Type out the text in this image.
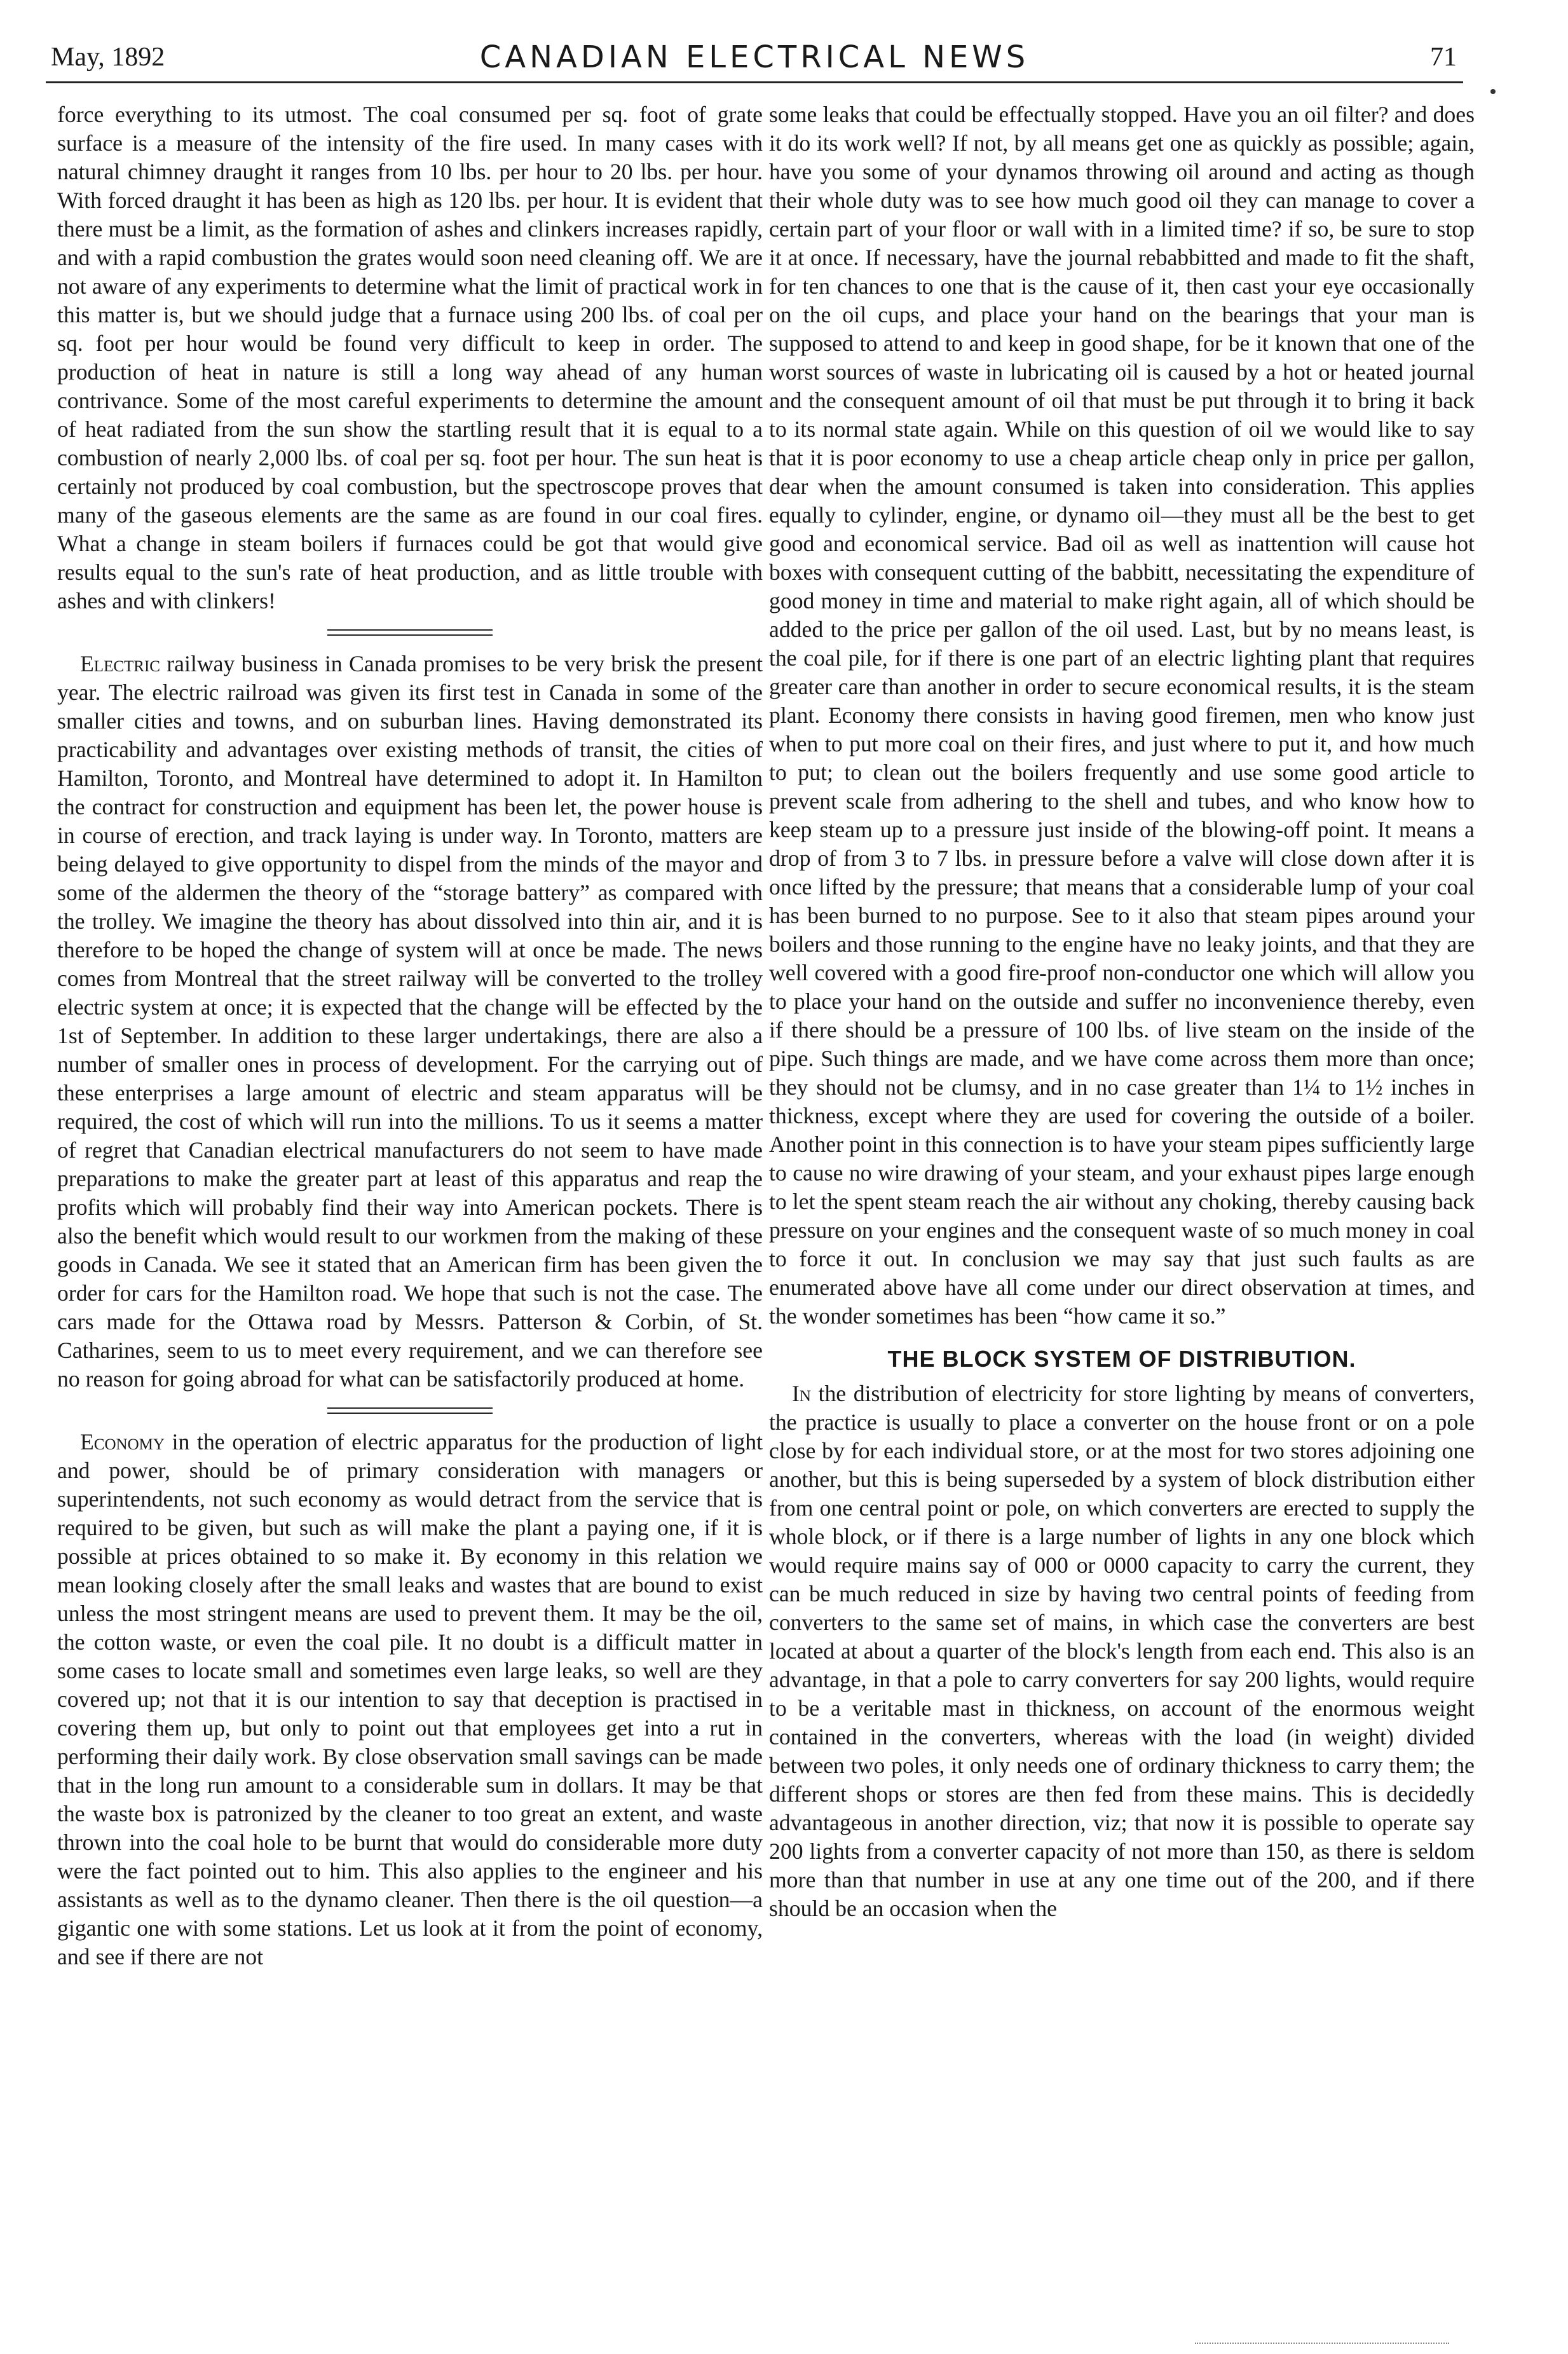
May, 1892	CANADIAN ELECTRICAL NEWS	71

force everything to its utmost. The coal consumed per sq. foot of grate surface is a measure of the intensity of the fire used. In many cases with natural chimney draught it ranges from 10 lbs. per hour to 20 lbs. per hour. With forced draught it has been as high as 120 lbs. per hour. It is evident that there must be a limit, as the formation of ashes and clinkers increases rapidly, and with a rapid combustion the grates would soon need cleaning off. We are not aware of any experiments to determine what the limit of practical work in this matter is, but we should judge that a furnace using 200 lbs. of coal per sq. foot per hour would be found very difficult to keep in order. The production of heat in nature is still a long way ahead of any human contrivance. Some of the most careful experiments to determine the amount of heat radiated from the sun show the startling result that it is equal to a combustion of nearly 2,000 lbs. of coal per sq. foot per hour. The sun heat is certainly not produced by coal combustion, but the spectroscope proves that many of the gaseous elements are the same as are found in our coal fires. What a change in steam boilers if furnaces could be got that would give results equal to the sun's rate of heat production, and as little trouble with ashes and with clinkers!

Electric railway business in Canada promises to be very brisk the present year. The electric railroad was given its first test in Canada in some of the smaller cities and towns, and on suburban lines. Having demonstrated its practicability and advantages over existing methods of transit, the cities of Hamilton, Toronto, and Montreal have determined to adopt it. In Hamilton the contract for construction and equipment has been let, the power house is in course of erection, and track laying is under way. In Toronto, matters are being delayed to give opportunity to dispel from the minds of the mayor and some of the aldermen the theory of the “storage battery” as compared with the trolley. We imagine the theory has about dissolved into thin air, and it is therefore to be hoped the change of system will at once be made. The news comes from Montreal that the street railway will be converted to the trolley electric system at once; it is expected that the change will be effected by the 1st of September. In addition to these larger undertakings, there are also a number of smaller ones in process of development. For the carrying out of these enterprises a large amount of electric and steam apparatus will be required, the cost of which will run into the millions. To us it seems a matter of regret that Canadian electrical manufacturers do not seem to have made preparations to make the greater part at least of this apparatus and reap the profits which will probably find their way into American pockets. There is also the benefit which would result to our workmen from the making of these goods in Canada. We see it stated that an American firm has been given the order for cars for the Hamilton road. We hope that such is not the case. The cars made for the Ottawa road by Messrs. Patterson & Corbin, of St. Catharines, seem to us to meet every requirement, and we can therefore see no reason for going abroad for what can be satisfactorily produced at home.

Economy in the operation of electric apparatus for the production of light and power, should be of primary consideration with managers or superintendents, not such economy as would detract from the service that is required to be given, but such as will make the plant a paying one, if it is possible at prices obtained to so make it. By economy in this relation we mean looking closely after the small leaks and wastes that are bound to exist unless the most stringent means are used to prevent them. It may be the oil, the cotton waste, or even the coal pile. It no doubt is a difficult matter in some cases to locate small and sometimes even large leaks, so well are they covered up; not that it is our intention to say that deception is practised in covering them up, but only to point out that employees get into a rut in performing their daily work. By close observation small savings can be made that in the long run amount to a considerable sum in dollars. It may be that the waste box is patronized by the cleaner to too great an extent, and waste thrown into the coal hole to be burnt that would do considerable more duty were the fact pointed out to him. This also applies to the engineer and his assistants as well as to the dynamo cleaner. Then there is the oil question—a gigantic one with some stations. Let us look at it from the point of economy, and see if there are not

some leaks that could be effectually stopped. Have you an oil filter? and does it do its work well? If not, by all means get one as quickly as possible; again, have you some of your dynamos throwing oil around and acting as though their whole duty was to see how much good oil they can manage to cover a certain part of your floor or wall with in a limited time? if so, be sure to stop it at once. If necessary, have the journal rebabbitted and made to fit the shaft, for ten chances to one that is the cause of it, then cast your eye occasionally on the oil cups, and place your hand on the bearings that your man is supposed to attend to and keep in good shape, for be it known that one of the worst sources of waste in lubricating oil is caused by a hot or heated journal and the consequent amount of oil that must be put through it to bring it back to its normal state again. While on this question of oil we would like to say that it is poor economy to use a cheap article cheap only in price per gallon, dear when the amount consumed is taken into consideration. This applies equally to cylinder, engine, or dynamo oil—they must all be the best to get good and economical service. Bad oil as well as inattention will cause hot boxes with consequent cutting of the babbitt, necessitating the expenditure of good money in time and material to make right again, all of which should be added to the price per gallon of the oil used. Last, but by no means least, is the coal pile, for if there is one part of an electric lighting plant that requires greater care than another in order to secure economical results, it is the steam plant. Economy there consists in having good firemen, men who know just when to put more coal on their fires, and just where to put it, and how much to put; to clean out the boilers frequently and use some good article to prevent scale from adhering to the shell and tubes, and who know how to keep steam up to a pressure just inside of the blowing-off point. It means a drop of from 3 to 7 lbs. in pressure before a valve will close down after it is once lifted by the pressure; that means that a considerable lump of your coal has been burned to no purpose. See to it also that steam pipes around your boilers and those running to the engine have no leaky joints, and that they are well covered with a good fire-proof non-conductor one which will allow you to place your hand on the outside and suffer no inconvenience thereby, even if there should be a pressure of 100 lbs. of live steam on the inside of the pipe. Such things are made, and we have come across them more than once; they should not be clumsy, and in no case greater than 1¼ to 1½ inches in thickness, except where they are used for covering the outside of a boiler. Another point in this connection is to have your steam pipes sufficiently large to cause no wire drawing of your steam, and your exhaust pipes large enough to let the spent steam reach the air without any choking, thereby causing back pressure on your engines and the consequent waste of so much money in coal to force it out. In conclusion we may say that just such faults as are enumerated above have all come under our direct observation at times, and the wonder sometimes has been “how came it so.”

THE BLOCK SYSTEM OF DISTRIBUTION.

In the distribution of electricity for store lighting by means of converters, the practice is usually to place a converter on the house front or on a pole close by for each individual store, or at the most for two stores adjoining one another, but this is being superseded by a system of block distribution either from one central point or pole, on which converters are erected to supply the whole block, or if there is a large number of lights in any one block which would require mains say of 000 or 0000 capacity to carry the current, they can be much reduced in size by having two central points of feeding from converters to the same set of mains, in which case the converters are best located at about a quarter of the block's length from each end. This also is an advantage, in that a pole to carry converters for say 200 lights, would require to be a veritable mast in thickness, on account of the enormous weight contained in the converters, whereas with the load (in weight) divided between two poles, it only needs one of ordinary thickness to carry them; the different shops or stores are then fed from these mains. This is decidedly advantageous in another direction, viz; that now it is possible to operate say 200 lights from a converter capacity of not more than 150, as there is seldom more than that number in use at any one time out of the 200, and if there should be an occasion when the
